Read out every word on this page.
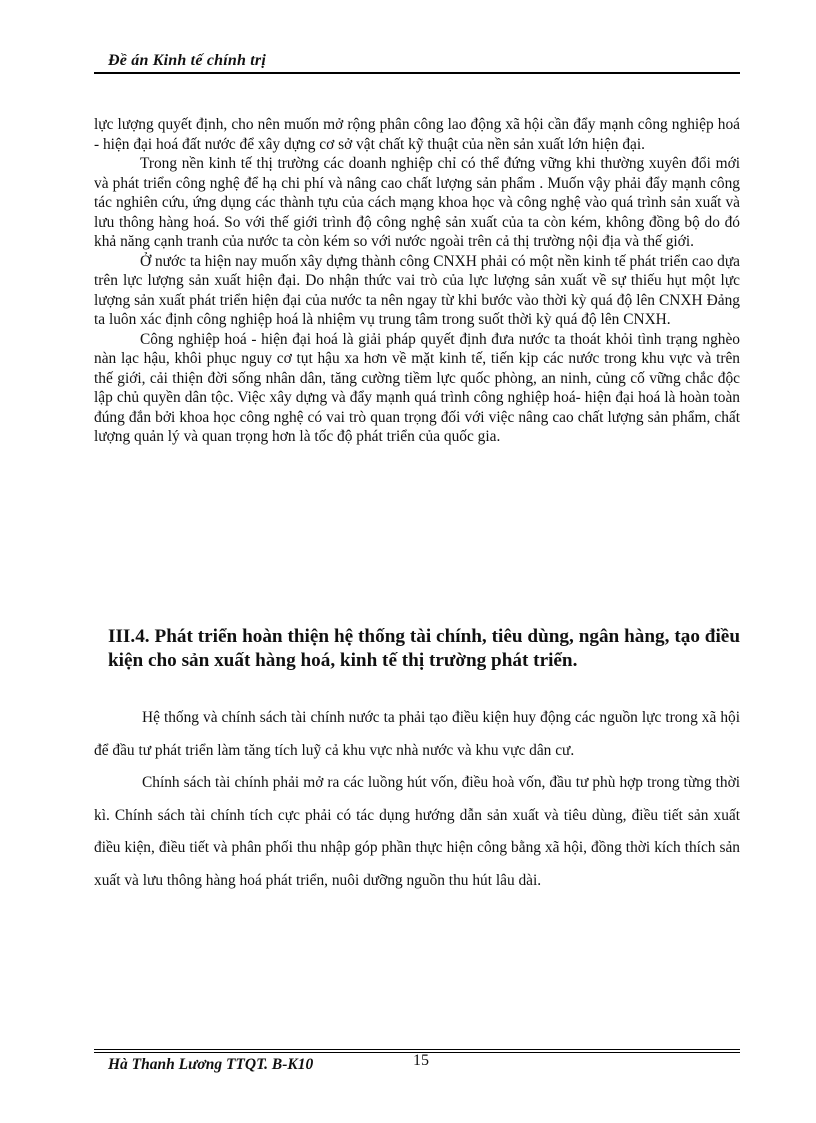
Đề án Kinh tế chính trị

lực lượng quyết định, cho nên muốn mở rộng phân công lao động xã hội cần đẩy mạnh công nghiệp hoá - hiện đại hoá đất nước để xây dựng cơ sở vật chất kỹ thuật của nền sản xuất lớn hiện đại.

Trong nền kinh tế thị trường các doanh nghiệp chỉ có thể đứng vững khi thường xuyên đổi mới và phát triển công nghệ để hạ chi phí và nâng cao chất lượng sản phẩm . Muốn vậy phải đẩy mạnh công tác nghiên cứu, ứng dụng các thành tựu của cách mạng khoa học và công nghệ vào quá trình sản xuất và lưu thông hàng hoá. So với thế giới trình độ công nghệ sản xuất của ta còn kém, không đồng bộ do đó khả năng cạnh tranh của nước ta còn kém so với nước ngoài trên cả thị trường nội địa và thế giới.

Ở nước ta hiện nay muốn xây dựng thành công CNXH phải có một nền kinh tế phát triển cao dựa trên lực lượng sản xuất hiện đại. Do nhận thức vai trò của lực lượng sản xuất về sự thiếu hụt một lực lượng sản xuất phát triển hiện đại của nước ta nên ngay từ khi bước vào thời kỳ quá độ lên CNXH Đảng ta luôn xác định công nghiệp hoá là nhiệm vụ trung tâm trong suốt thời kỳ quá độ lên CNXH.

Công nghiệp hoá - hiện đại hoá là giải pháp quyết định đưa nước ta thoát khỏi tình trạng nghèo nàn lạc hậu, khôi phục nguy cơ tụt hậu xa hơn về mặt kinh tế, tiến kịp các nước trong khu vực và trên thế giới, cải thiện đời sống nhân dân, tăng cường tiềm lực quốc phòng, an ninh, củng cố vững chắc độc lập chủ quyền dân tộc. Việc xây dựng và đẩy mạnh quá trình công nghiệp hoá- hiện đại hoá là hoàn toàn đúng đắn bởi khoa học công nghệ có vai trò quan trọng đối với việc nâng cao chất lượng sản phẩm, chất lượng quản lý và quan trọng hơn là tốc độ phát triển của quốc gia.

III.4. Phát triển hoàn thiện hệ thống tài chính, tiêu dùng, ngân hàng, tạo điều kiện cho sản xuất hàng hoá, kinh tế thị trường phát triển.

Hệ thống và chính sách tài chính nước ta phải tạo điều kiện huy động các nguồn lực trong xã hội để đầu tư phát triển làm tăng tích luỹ cả khu vực nhà nước và khu vực dân cư.

Chính sách tài chính phải mở ra các luồng hút vốn, điều hoà vốn, đầu tư phù hợp trong từng thời kì. Chính sách tài chính tích cực phải có tác dụng hướng dẫn sản xuất và tiêu dùng, điều tiết sản xuất điều kiện, điều tiết và phân phối thu nhập góp phần thực hiện công bằng xã hội, đồng thời kích thích sản xuất và lưu thông hàng hoá phát triển, nuôi dưỡng nguồn thu hút lâu dài.

Hà Thanh Lương TTQT. B-K10	15
